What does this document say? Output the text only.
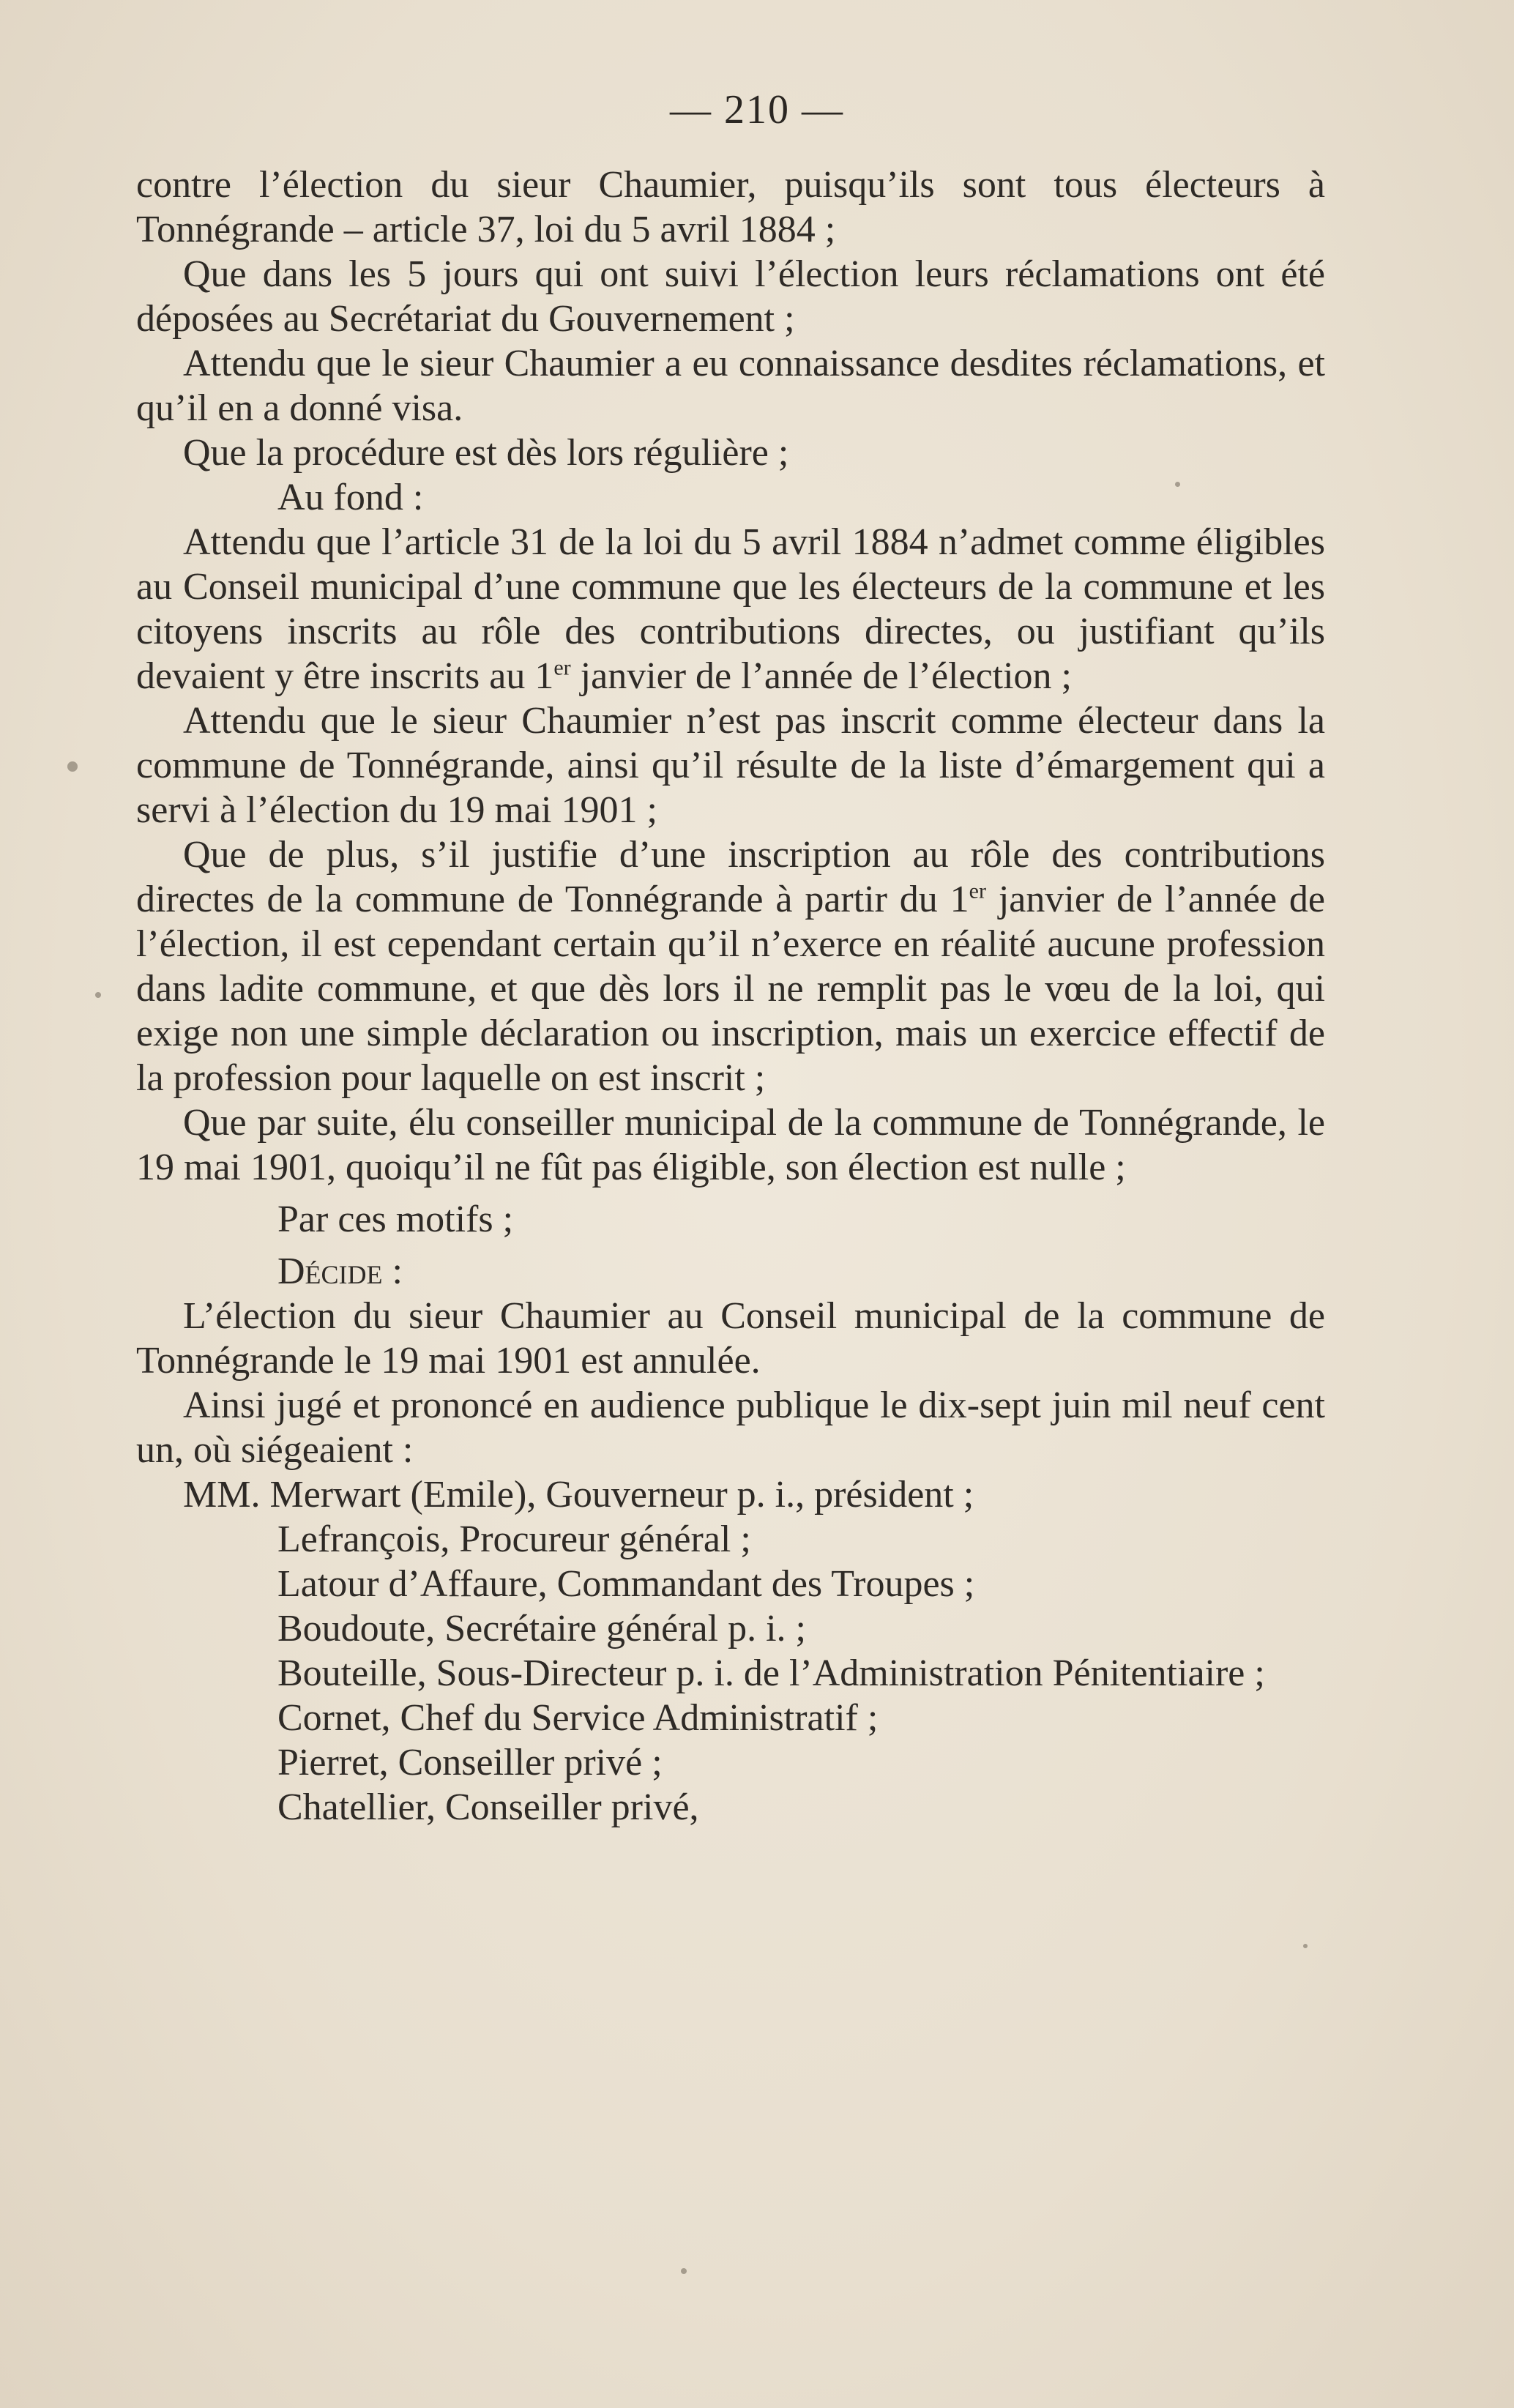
— 210 —

contre l’élection du sieur Chaumier, puisqu’ils sont tous électeurs à Tonnégrande – article 37, loi du 5 avril 1884 ;

Que dans les 5 jours qui ont suivi l’élection leurs réclamations ont été déposées au Secrétariat du Gouvernement ;

Attendu que le sieur Chaumier a eu connaissance desdites réclamations, et qu’il en a donné visa.

Que la procédure est dès lors régulière ;

Au fond :

Attendu que l’article 31 de la loi du 5 avril 1884 n’admet comme éligibles au Conseil municipal d’une commune que les électeurs de la commune et les citoyens inscrits au rôle des contributions directes, ou justifiant qu’ils devaient y être inscrits au 1er janvier de l’année de l’élection ;

Attendu que le sieur Chaumier n’est pas inscrit comme électeur dans la commune de Tonnégrande, ainsi qu’il résulte de la liste d’émargement qui a servi à l’élection du 19 mai 1901 ;

Que de plus, s’il justifie d’une inscription au rôle des contributions directes de la commune de Tonnégrande à partir du 1er janvier de l’année de l’élection, il est cependant certain qu’il n’exerce en réalité aucune profession dans ladite commune, et que dès lors il ne remplit pas le vœu de la loi, qui exige non une simple déclaration ou inscription, mais un exercice effectif de la profession pour laquelle on est inscrit ;

Que par suite, élu conseiller municipal de la commune de Tonnégrande, le 19 mai 1901, quoiqu’il ne fût pas éligible, son élection est nulle ;

Par ces motifs ;

Décide :

L’élection du sieur Chaumier au Conseil municipal de la commune de Tonnégrande le 19 mai 1901 est annulée.

Ainsi jugé et prononcé en audience publique le dix-sept juin mil neuf cent un, où siégeaient :

MM. Merwart (Emile), Gouverneur p. i., président ;

Lefrançois, Procureur général ;

Latour d’Affaure, Commandant des Troupes ;

Boudoute, Secrétaire général p. i. ;

Bouteille, Sous-Directeur p. i. de l’Administration Pénitentiaire ;

Cornet, Chef du Service Administratif ;

Pierret, Conseiller privé ;

Chatellier, Conseiller privé,
